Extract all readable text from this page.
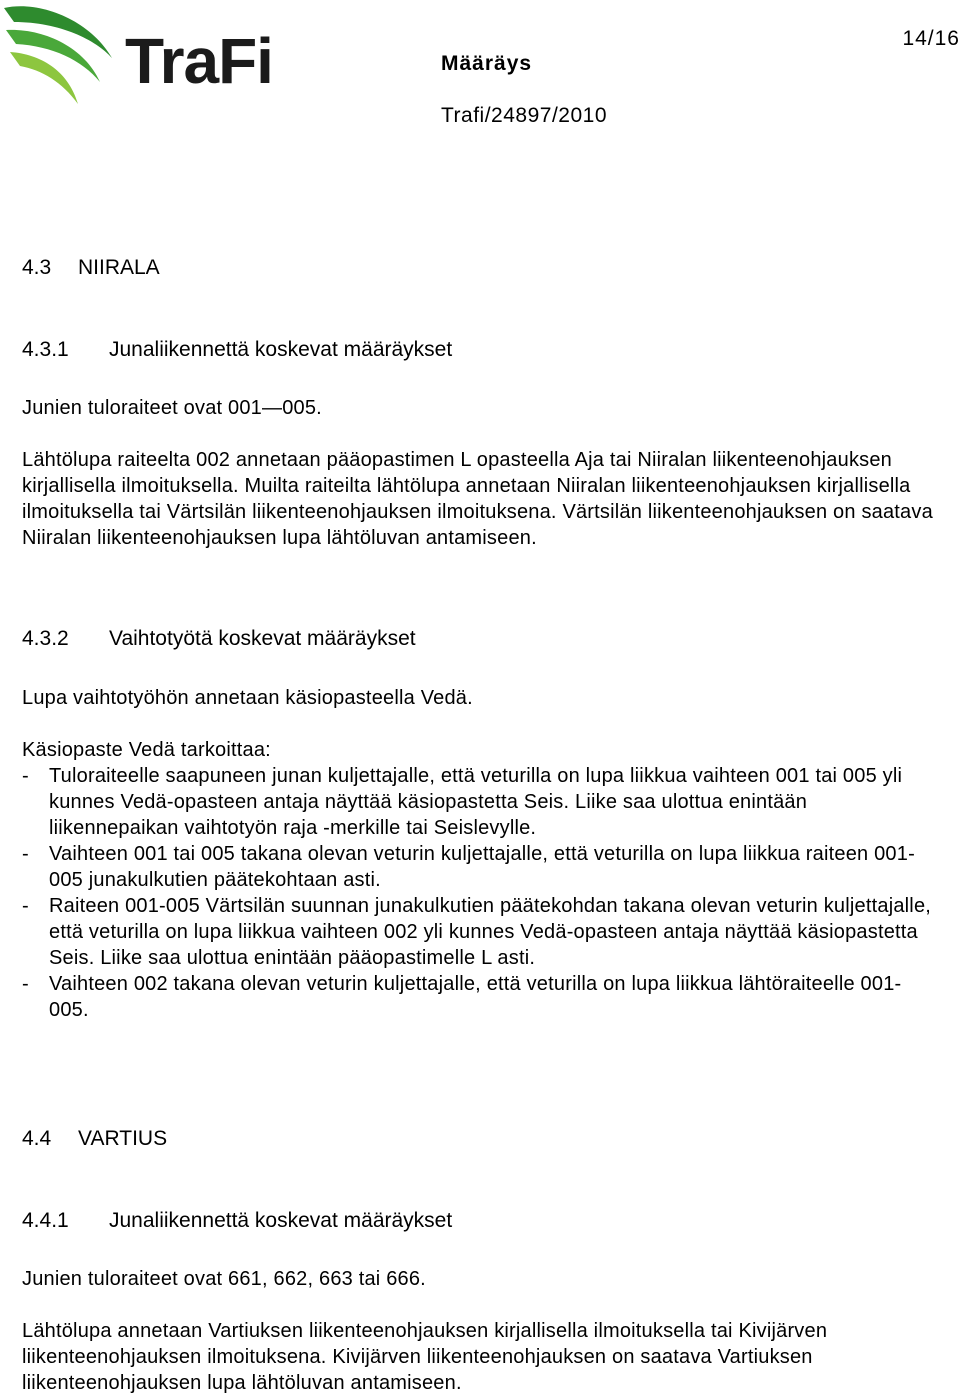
TraFi	14/16
Määräys
Trafi/24897/2010
4.3 NIIRALA
4.3.1 Junaliikennettä koskevat määräykset

Junien tuloraiteet ovat 001—005.

Lähtölupa raiteelta 002 annetaan pääopastimen L opasteella Aja tai Niiralan liikenteenohjauksen kirjallisella ilmoituksella. Muilta raiteilta lähtölupa annetaan Niiralan liikenteenohjauksen kirjallisella ilmoituksella tai Värtsilän liikenteenohjauksen ilmoituksena. Värtsilän liikenteenohjauksen on saatava Niiralan liikenteenohjauksen lupa lähtöluvan antamiseen.

4.3.2 Vaihtotyötä koskevat määräykset

Lupa vaihtotyöhön annetaan käsiopasteella Vedä.

Käsiopaste Vedä tarkoittaa:

- Tuloraiteelle saapuneen junan kuljettajalle, että veturilla on lupa liikkua vaihteen 001 tai 005 yli kunnes Vedä-opasteen antaja näyttää käsiopastetta Seis. Liike saa ulottua enintään liikennepaikan vaihtotyön raja -merkille tai Seislevylle.
- Vaihteen 001 tai 005 takana olevan veturin kuljettajalle, että veturilla on lupa liikkua raiteen 001-005 junakulkutien päätekohtaan asti.
- Raiteen 001-005 Värtsilän suunnan junakulkutien päätekohdan takana olevan veturin kuljettajalle, että veturilla on lupa liikkua vaihteen 002 yli kunnes Vedä-opasteen antaja näyttää käsiopastetta Seis. Liike saa ulottua enintään pääopastimelle L asti.
- Vaihteen 002 takana olevan veturin kuljettajalle, että veturilla on lupa liikkua lähtöraiteelle 001-005.
4.4 VARTIUS
4.4.1 Junaliikennettä koskevat määräykset

Junien tuloraiteet ovat 661, 662, 663 tai 666.

Lähtölupa annetaan Vartiuksen liikenteenohjauksen kirjallisella ilmoituksella tai Kivijärven liikenteenohjauksen ilmoituksena. Kivijärven liikenteenohjauksen on saatava Vartiuksen liikenteenohjauksen lupa lähtöluvan antamiseen.
